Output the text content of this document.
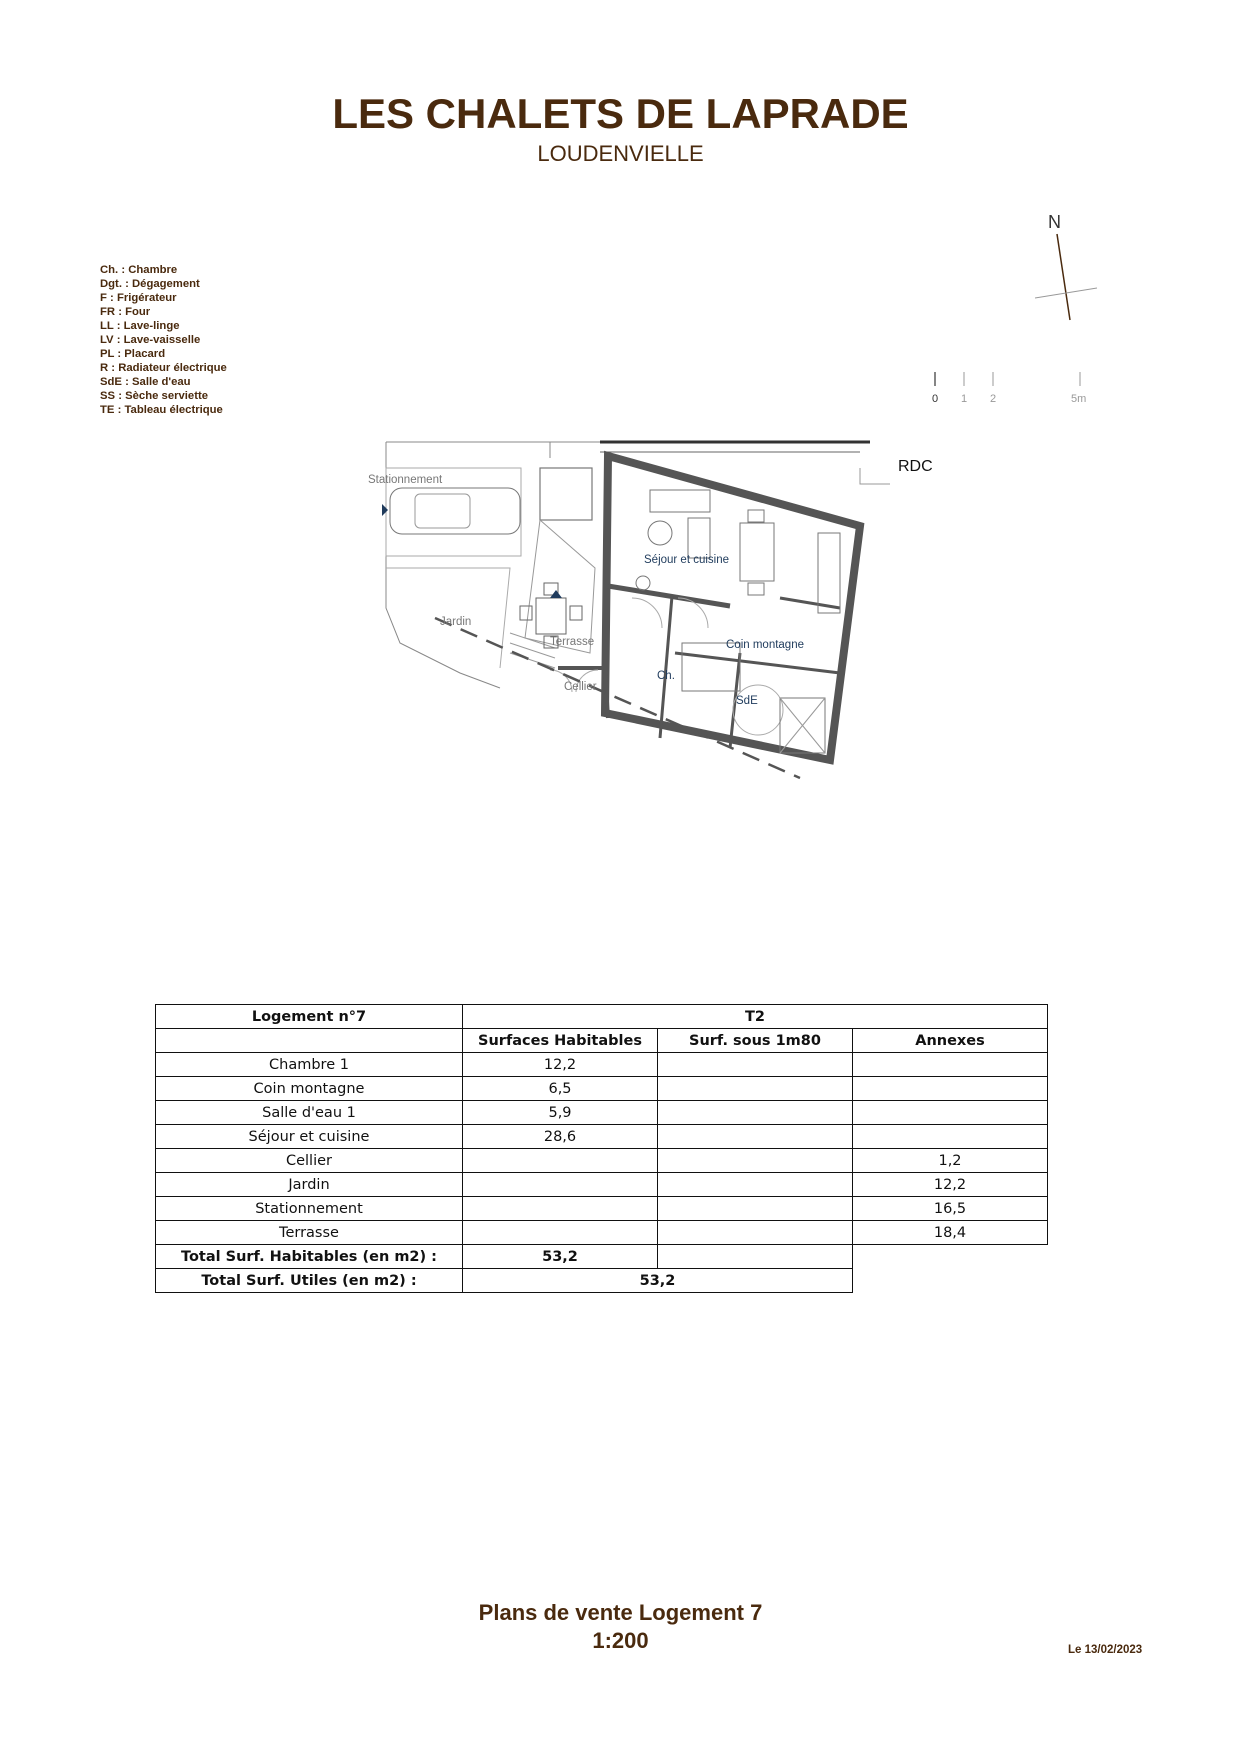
LES CHALETS DE LAPRADE
LOUDENVIELLE
Ch. : Chambre
Dgt. : Dégagement
F : Frigérateur
FR : Four
LL : Lave-linge
LV : Lave-vaisselle
PL : Placard
R : Radiateur électrique
SdE : Salle d'eau
SS : Sèche serviette
TE : Tableau électrique
N
0 1 2	5m
RDC
Stationnement
Jardin
Terrasse
Cellier
Séjour et cuisine
Ch.
Coin montagne
SdE
Logement n°7	T2		
	Surfaces Habitables	Surf. sous 1m80	Annexes
Chambre 1	12,2		
Coin montagne	6,5		
Salle d'eau 1	5,9		
Séjour et cuisine	28,6		
Cellier			1,2
Jardin			12,2
Stationnement			16,5
Terrasse			18,4
Total Surf. Habitables (en m2) :	53,2		
Total Surf. Utiles (en m2) :	53,2		
Plans de vente Logement 7
1:200	Le 13/02/2023
